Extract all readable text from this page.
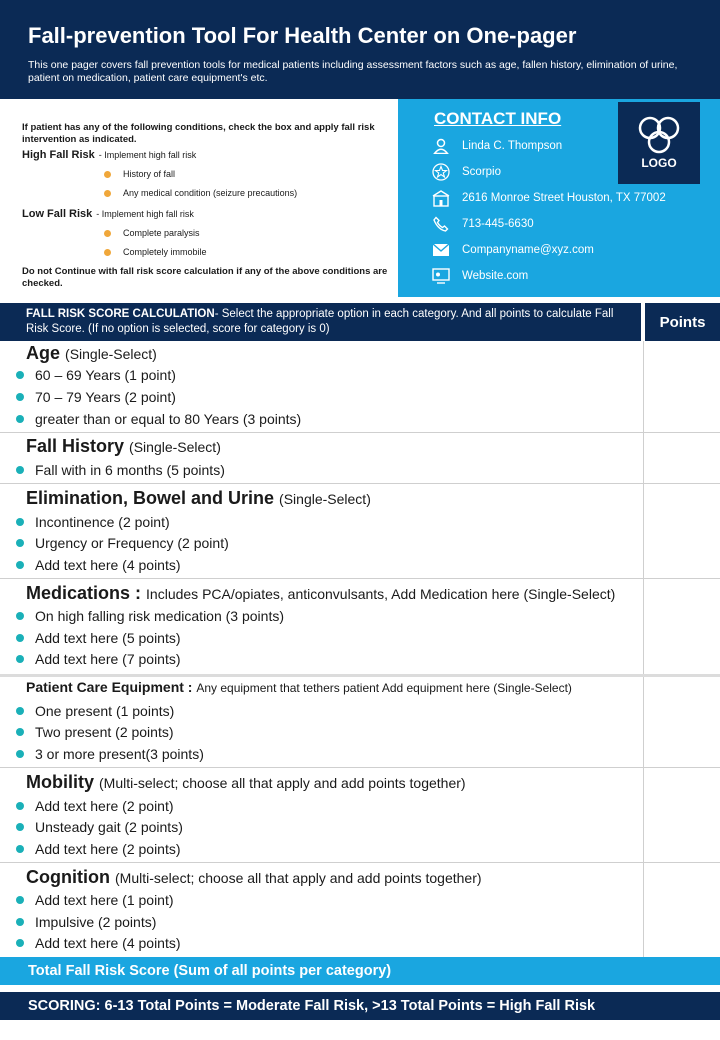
Fall-prevention Tool For Health Center on One-pager
This one pager covers fall prevention tools for medical patients including assessment factors such as age, fallen history, elimination of urine, patient on medication, patient care equipment's etc.
If patient has any of the following conditions, check the box and apply fall risk intervention as indicated.
High Fall Risk - Implement high fall risk
History of fall
Any medical condition (seizure precautions)
Low Fall Risk - Implement high fall risk
Complete paralysis
Completely immobile
Do not Continue with fall risk score calculation if any of the above conditions are checked.
CONTACT INFO
LOGO
Linda C. Thompson
Scorpio
2616 Monroe Street Houston, TX 77002
713-445-6630
Companyname@xyz.com
Website.com
FALL RISK SCORE CALCULATION- Select the appropriate option in each category. And all points to calculate Fall Risk Score. (If no option is selected, score for category is 0)	Points
Age (Single-Select)
60 – 69 Years (1 point)
70 – 79 Years (2 point)
greater than or equal to 80 Years (3 points)
Fall History (Single-Select)
Fall with in 6 months (5 points)
Elimination, Bowel and Urine (Single-Select)
Incontinence (2 point)
Urgency or Frequency (2 point)
Add text here (4 points)
Medications : Includes PCA/opiates, anticonvulsants, Add Medication here (Single-Select)
On high falling risk medication (3 points)
Add text here (5 points)
Add text here (7 points)
Patient Care Equipment : Any equipment that tethers patient Add equipment here (Single-Select)
One present (1 points)
Two present (2 points)
3 or more present(3 points)
Mobility (Multi-select; choose all that apply and add points together)
Add text here (2 point)
Unsteady gait (2 points)
Add text here (2 points)
Cognition (Multi-select; choose all that apply and add points together)
Add text here (1 point)
Impulsive (2 points)
Add text here (4 points)
Total Fall Risk Score (Sum of all points per category)
SCORING: 6-13 Total Points = Moderate Fall Risk, >13 Total Points = High Fall Risk
